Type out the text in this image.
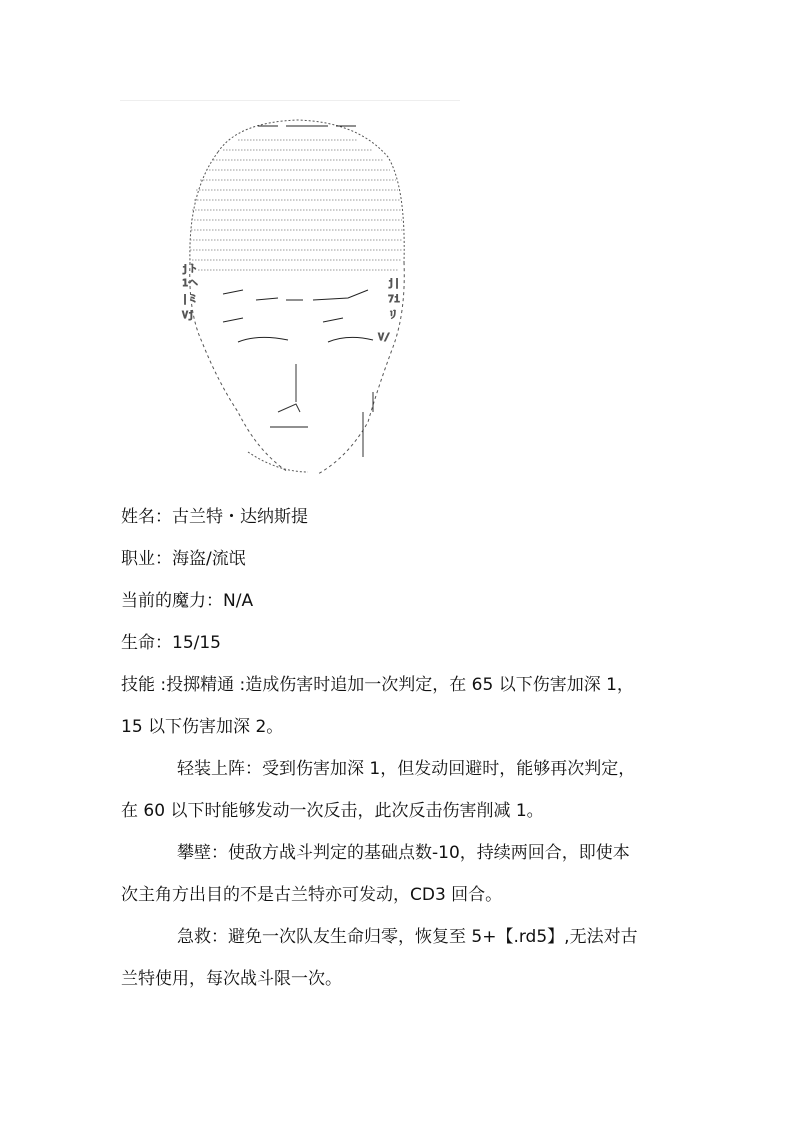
jト
1ヘ
|ミ
Vj
j|
7i
リ
V/
姓名：古兰特・达纳斯提
职业：海盗/流氓
当前的魔力：N/A
生命：15/15
技能 :投掷精通 :造成伤害时追加一次判定，在 65 以下伤害加深 1，
15 以下伤害加深 2。
轻装上阵：受到伤害加深 1，但发动回避时，能够再次判定，
在 60 以下时能够发动一次反击，此次反击伤害削减 1。
攀壁：使敌方战斗判定的基础点数-10，持续两回合，即使本
次主角方出目的不是古兰特亦可发动，CD3 回合。
急救：避免一次队友生命归零，恢复至 5+【.rd5】,无法对古
兰特使用，每次战斗限一次。
